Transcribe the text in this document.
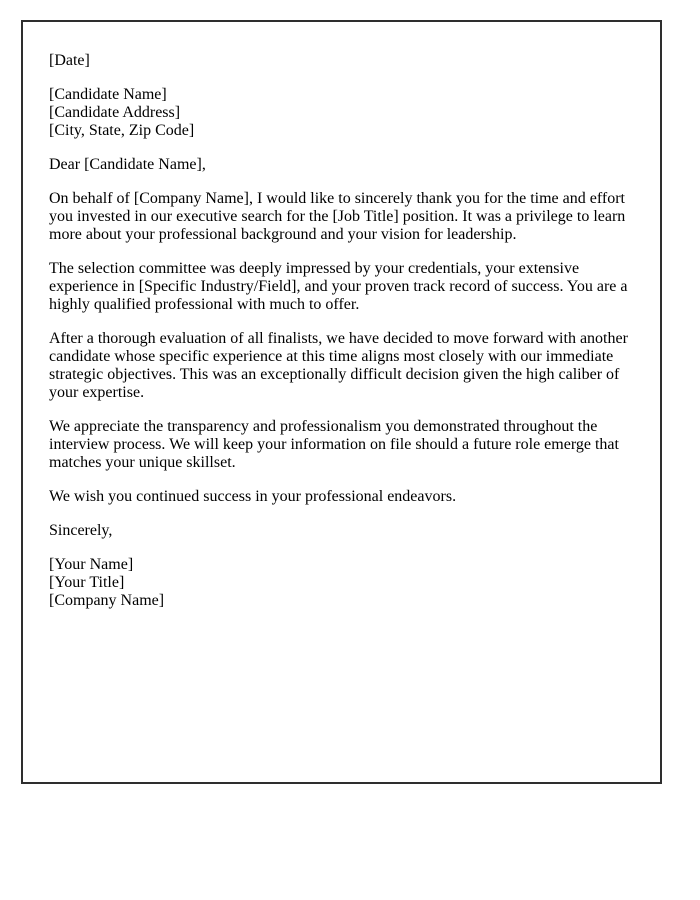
[Date]

[Candidate Name]
[Candidate Address]
[City, State, Zip Code]

Dear [Candidate Name],

On behalf of [Company Name], I would like to sincerely thank you for the time and effort you invested in our executive search for the [Job Title] position. It was a privilege to learn more about your professional background and your vision for leadership.

The selection committee was deeply impressed by your credentials, your extensive experience in [Specific Industry/Field], and your proven track record of success. You are a highly qualified professional with much to offer.

After a thorough evaluation of all finalists, we have decided to move forward with another candidate whose specific experience at this time aligns most closely with our immediate strategic objectives. This was an exceptionally difficult decision given the high caliber of your expertise.

We appreciate the transparency and professionalism you demonstrated throughout the interview process. We will keep your information on file should a future role emerge that matches your unique skillset.

We wish you continued success in your professional endeavors.

Sincerely,

[Your Name]
[Your Title]
[Company Name]
